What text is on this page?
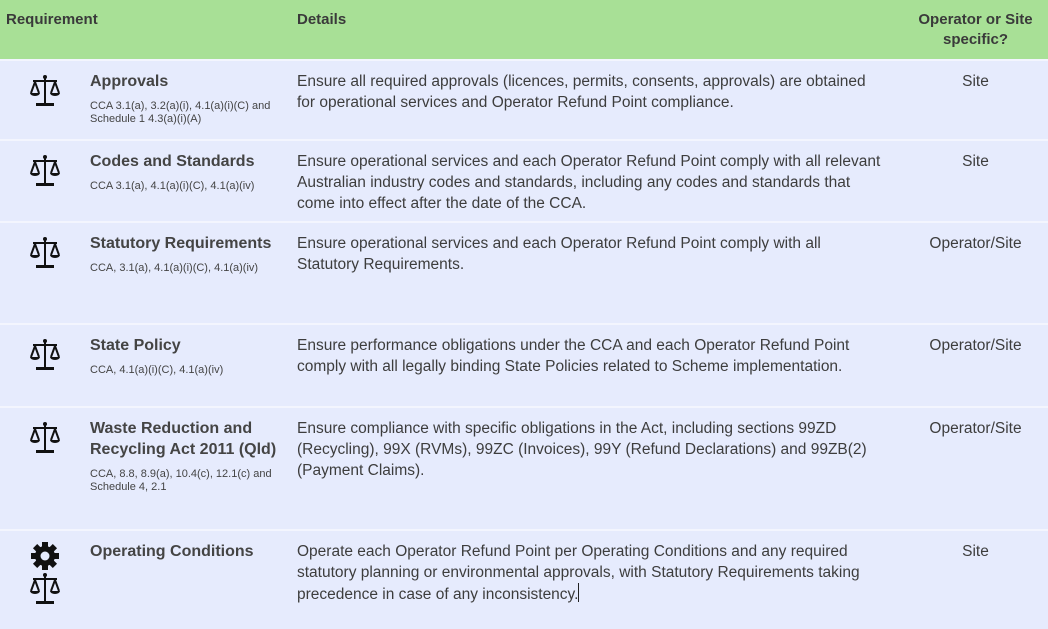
Requirement		Details	Operator or Site specific?

Approvals
CCA 3.1(a), 3.2(a)(i), 4.1(a)(i)(C) and Schedule 1 4.3(a)(i)(A)	Ensure all required approvals (licences, permits, consents, approvals) are obtained for operational services and Operator Refund Point compliance.	Site

Codes and Standards
CCA 3.1(a), 4.1(a)(i)(C), 4.1(a)(iv)	Ensure operational services and each Operator Refund Point comply with all relevant Australian industry codes and standards, including any codes and standards that come into effect after the date of the CCA.	Site

Statutory Requirements
CCA, 3.1(a), 4.1(a)(i)(C), 4.1(a)(iv)	Ensure operational services and each Operator Refund Point comply with all Statutory Requirements.	Operator/Site

State Policy
CCA, 4.1(a)(i)(C), 4.1(a)(iv)	Ensure performance obligations under the CCA and each Operator Refund Point comply with all legally binding State Policies related to Scheme implementation.	Operator/Site

Waste Reduction and Recycling Act 2011 (Qld)
CCA, 8.8, 8.9(a), 10.4(c), 12.1(c) and Schedule 4, 2.1	Ensure compliance with specific obligations in the Act, including sections 99ZD (Recycling), 99X (RVMs), 99ZC (Invoices), 99Y (Refund Declarations) and 99ZB(2) (Payment Claims).	Operator/Site

Operating Conditions	Operate each Operator Refund Point per Operating Conditions and any required statutory planning or environmental approvals, with Statutory Requirements taking precedence in case of any inconsistency.	Site
